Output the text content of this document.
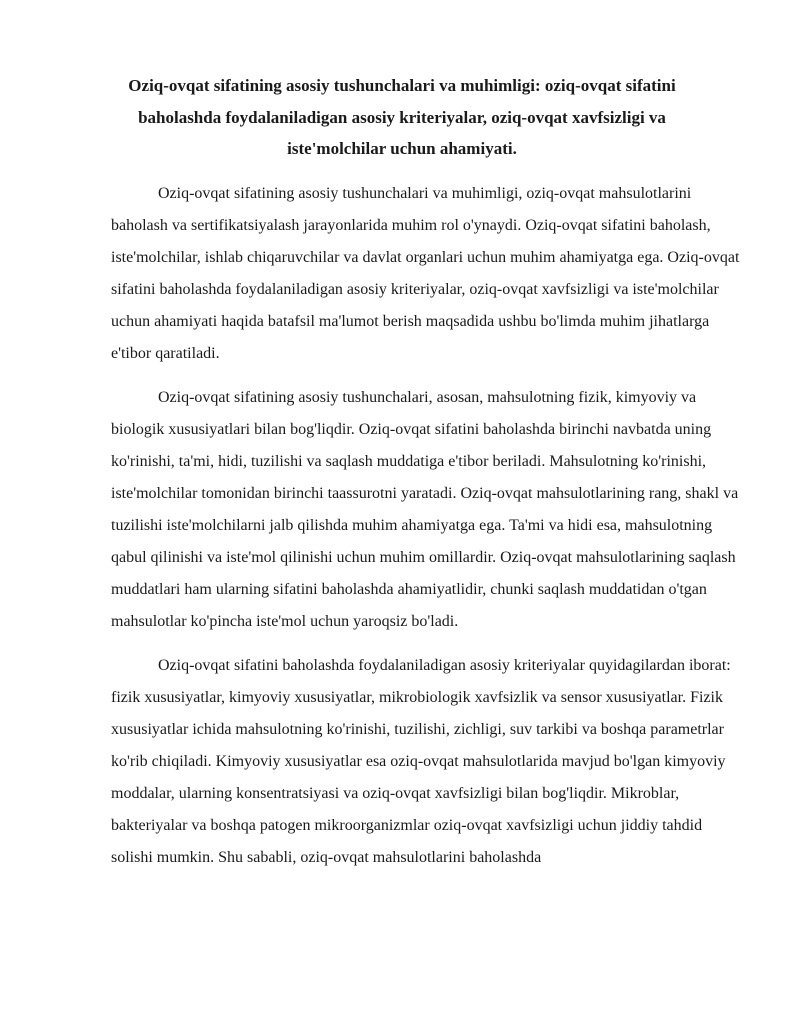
Oziq-ovqat sifatining asosiy tushunchalari va muhimligi: oziq-ovqat sifatini baholashda foydalaniladigan asosiy kriteriyalar, oziq-ovqat xavfsizligi va iste'molchilar uchun ahamiyati.

Oziq-ovqat sifatining asosiy tushunchalari va muhimligi, oziq-ovqat mahsulotlarini baholash va sertifikatsiyalash jarayonlarida muhim rol o'ynaydi. Oziq-ovqat sifatini baholash, iste'molchilar, ishlab chiqaruvchilar va davlat organlari uchun muhim ahamiyatga ega. Oziq-ovqat sifatini baholashda foydalaniladigan asosiy kriteriyalar, oziq-ovqat xavfsizligi va iste'molchilar uchun ahamiyati haqida batafsil ma'lumot berish maqsadida ushbu bo'limda muhim jihatlarga e'tibor qaratiladi.

Oziq-ovqat sifatining asosiy tushunchalari, asosan, mahsulotning fizik, kimyoviy va biologik xususiyatlari bilan bog'liqdir. Oziq-ovqat sifatini baholashda birinchi navbatda uning ko'rinishi, ta'mi, hidi, tuzilishi va saqlash muddatiga e'tibor beriladi. Mahsulotning ko'rinishi, iste'molchilar tomonidan birinchi taassurotni yaratadi. Oziq-ovqat mahsulotlarining rang, shakl va tuzilishi iste'molchilarni jalb qilishda muhim ahamiyatga ega. Ta'mi va hidi esa, mahsulotning qabul qilinishi va iste'mol qilinishi uchun muhim omillardir. Oziq-ovqat mahsulotlarining saqlash muddatlari ham ularning sifatini baholashda ahamiyatlidir, chunki saqlash muddatidan o'tgan mahsulotlar ko'pincha iste'mol uchun yaroqsiz bo'ladi.

Oziq-ovqat sifatini baholashda foydalaniladigan asosiy kriteriyalar quyidagilardan iborat: fizik xususiyatlar, kimyoviy xususiyatlar, mikrobiologik xavfsizlik va sensor xususiyatlar. Fizik xususiyatlar ichida mahsulotning ko'rinishi, tuzilishi, zichligi, suv tarkibi va boshqa parametrlar ko'rib chiqiladi. Kimyoviy xususiyatlar esa oziq-ovqat mahsulotlarida mavjud bo'lgan kimyoviy moddalar, ularning konsentratsiyasi va oziq-ovqat xavfsizligi bilan bog'liqdir. Mikroblar, bakteriyalar va boshqa patogen mikroorganizmlar oziq-ovqat xavfsizligi uchun jiddiy tahdid solishi mumkin. Shu sababli, oziq-ovqat mahsulotlarini baholashda
